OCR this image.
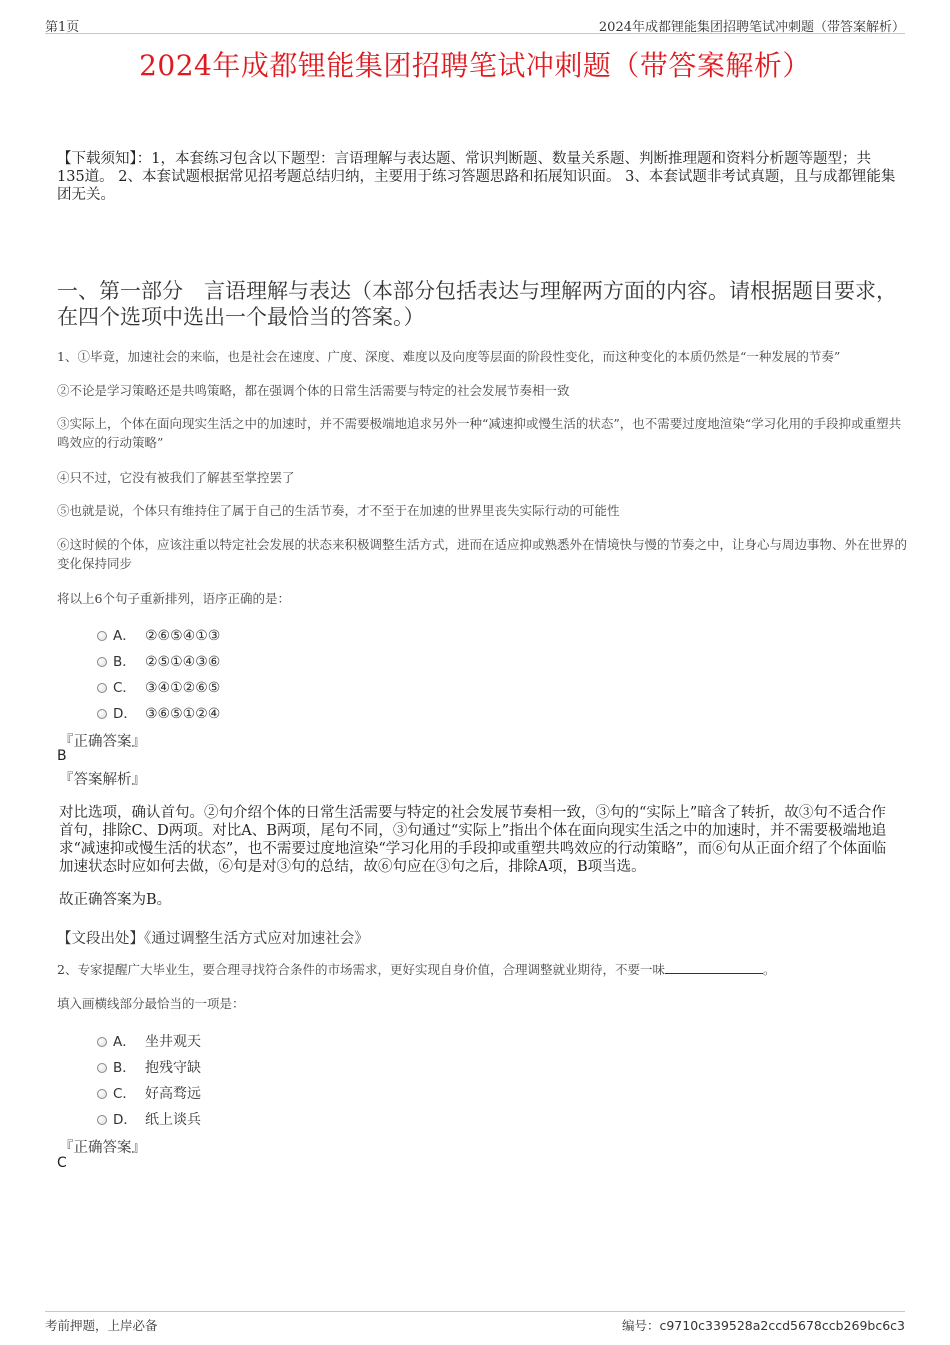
第1页	2024年成都锂能集团招聘笔试冲刺题（带答案解析）
2024年成都锂能集团招聘笔试冲刺题（带答案解析）
【下载须知】：1，本套练习包含以下题型：言语理解与表达题、常识判断题、数量关系题、判断推理题和资料分析题等题型；共135道。 2、本套试题根据常见招考题总结归纳，主要用于练习答题思路和拓展知识面。 3、本套试题非考试真题，且与成都锂能集团无关。
一、第一部分　言语理解与表达（本部分包括表达与理解两方面的内容。请根据题目要求，在四个选项中选出一个最恰当的答案。）
1、①毕竟，加速社会的来临，也是社会在速度、广度、深度、难度以及向度等层面的阶段性变化，而这种变化的本质仍然是“一种发展的节奏”
②不论是学习策略还是共鸣策略，都在强调个体的日常生活需要与特定的社会发展节奏相一致
③实际上，个体在面向现实生活之中的加速时，并不需要极端地追求另外一种“减速抑或慢生活的状态”，也不需要过度地渲染“学习化用的手段抑或重塑共鸣效应的行动策略”
④只不过，它没有被我们了解甚至掌控罢了
⑤也就是说，个体只有维持住了属于自己的生活节奏，才不至于在加速的世界里丧失实际行动的可能性
⑥这时候的个体，应该注重以特定社会发展的状态来积极调整生活方式，进而在适应抑或熟悉外在情境快与慢的节奏之中，让身心与周边事物、外在世界的变化保持同步
将以上6个句子重新排列，语序正确的是：
A． ②⑥⑤④①③
B． ②⑤①④③⑥
C． ③④①②⑥⑤
D． ③⑥⑤①②④
『正确答案』
B
『答案解析』
对比选项，确认首句。②句介绍个体的日常生活需要与特定的社会发展节奏相一致，③句的“实际上”暗含了转折，故③句不适合作首句，排除C、D两项。对比A、B两项，尾句不同，③句通过“实际上”指出个体在面向现实生活之中的加速时，并不需要极端地追求“减速抑或慢生活的状态”，也不需要过度地渲染“学习化用的手段抑或重塑共鸣效应的行动策略”，而⑥句从正面介绍了个体面临加速状态时应如何去做，⑥句是对③句的总结，故⑥句应在③句之后，排除A项，B项当选。
故正确答案为B。
【文段出处】《通过调整生活方式应对加速社会》
2、专家提醒广大毕业生，要合理寻找符合条件的市场需求，更好实现自身价值，合理调整就业期待，不要一味	。
填入画横线部分最恰当的一项是：
A． 坐井观天
B． 抱残守缺
C． 好高骛远
D． 纸上谈兵
『正确答案』
C
考前押题，上岸必备	编号：c9710c339528a2ccd5678ccb269bc6c3
